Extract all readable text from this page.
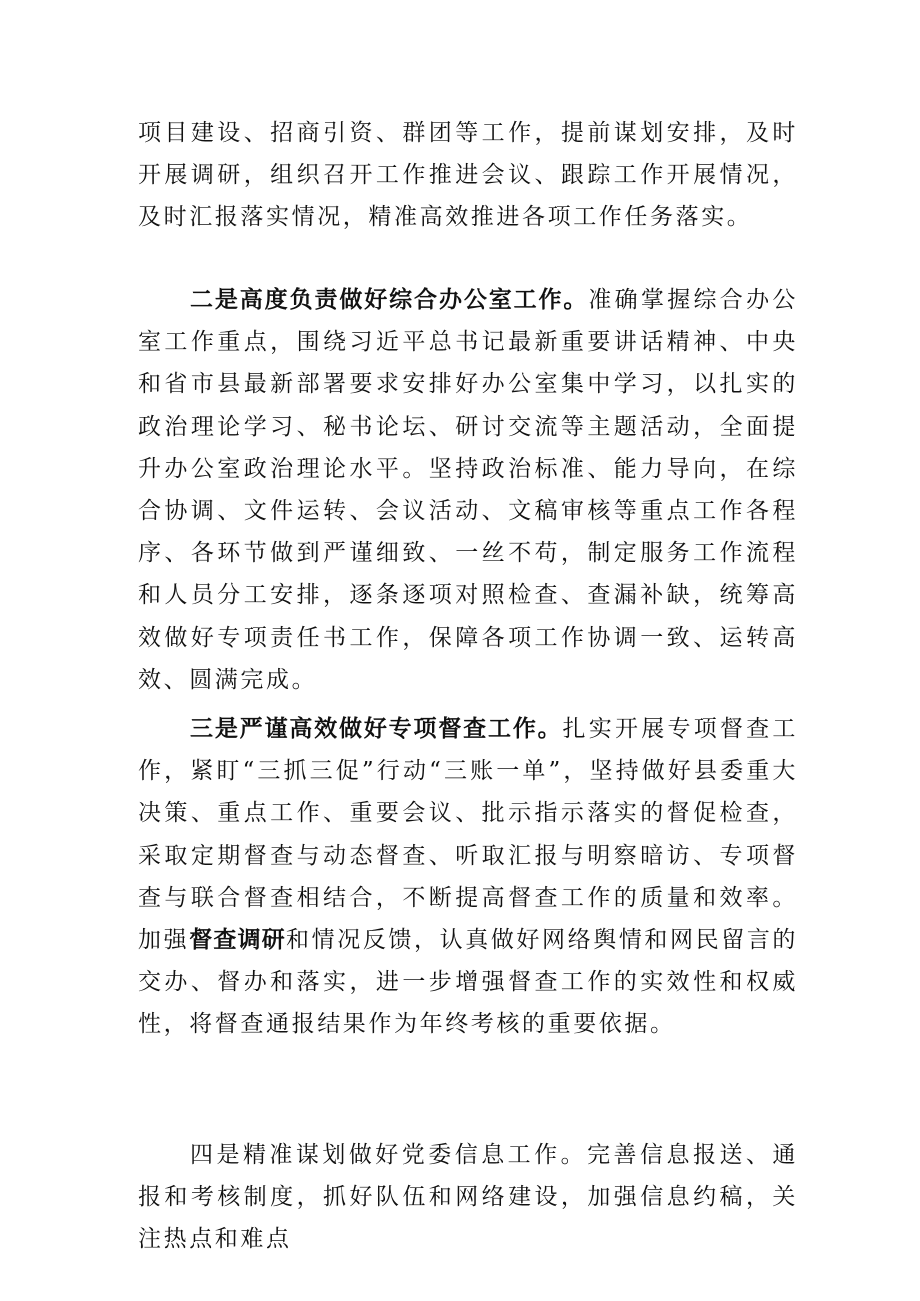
项目建设、招商引资、群团等工作，提前谋划安排，及时开展调研，组织召开工作推进会议、跟踪工作开展情况，及时汇报落实情况，精准高效推进各项工作任务落实。

二是高度负责做好综合办公室工作。准确掌握综合办公室工作重点，围绕习近平总书记最新重要讲话精神、中央和省市县最新部署要求安排好办公室集中学习，以扎实的政治理论学习、秘书论坛、研讨交流等主题活动，全面提升办公室政治理论水平。坚持政治标准、能力导向，在综合协调、文件运转、会议活动、文稿审核等重点工作各程序、各环节做到严谨细致、一丝不苟，制定服务工作流程和人员分工安排，逐条逐项对照检查、查漏补缺，统筹高效做好专项责任书工作，保障各项工作协调一致、运转高效、圆满完成。

三是严谨高效做好专项督查工作。扎实开展专项督查工作，紧盯“三抓三促”行动“三账一单”，坚持做好县委重大决策、重点工作、重要会议、批示指示落实的督促检查，采取定期督查与动态督查、听取汇报与明察暗访、专项督查与联合督查相结合，不断提高督查工作的质量和效率。加强督查调研和情况反馈，认真做好网络舆情和网民留言的交办、督办和落实，进一步增强督查工作的实效性和权威性，将督查通报结果作为年终考核的重要依据。

四是精准谋划做好党委信息工作。完善信息报送、通报和考核制度，抓好队伍和网络建设，加强信息约稿，关注热点和难点
